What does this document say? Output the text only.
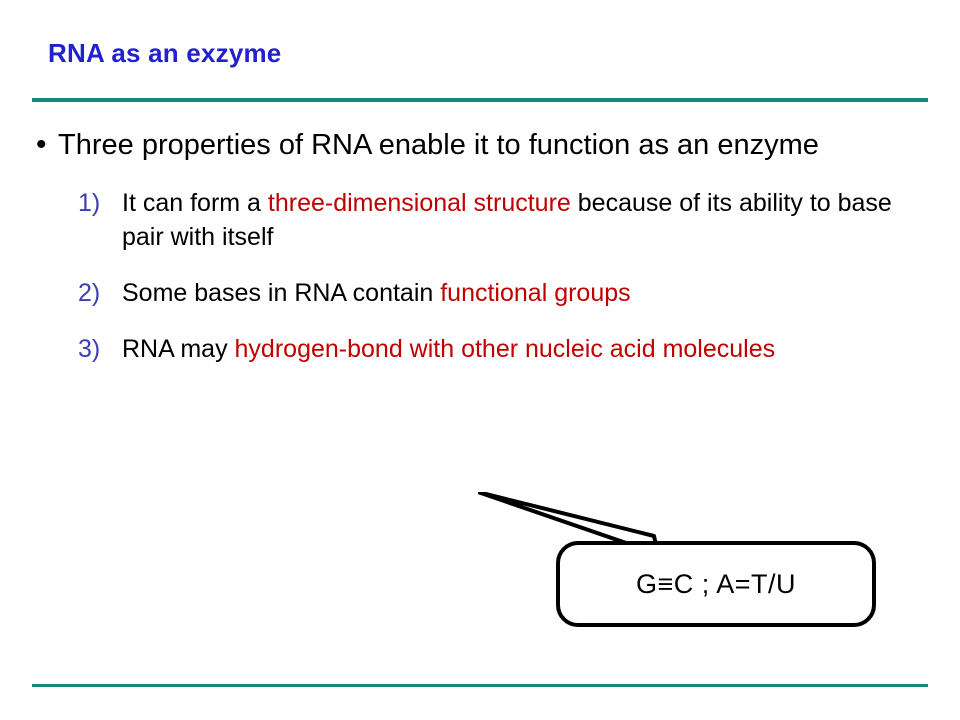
RNA as an exzyme
• Three properties of RNA enable it to function as an enzyme
1) It can form a three-dimensional structure because of its ability to base pair with itself
2) Some bases in RNA contain functional groups
3) RNA may hydrogen-bond with other nucleic acid molecules
G≡C ; A=T/U
